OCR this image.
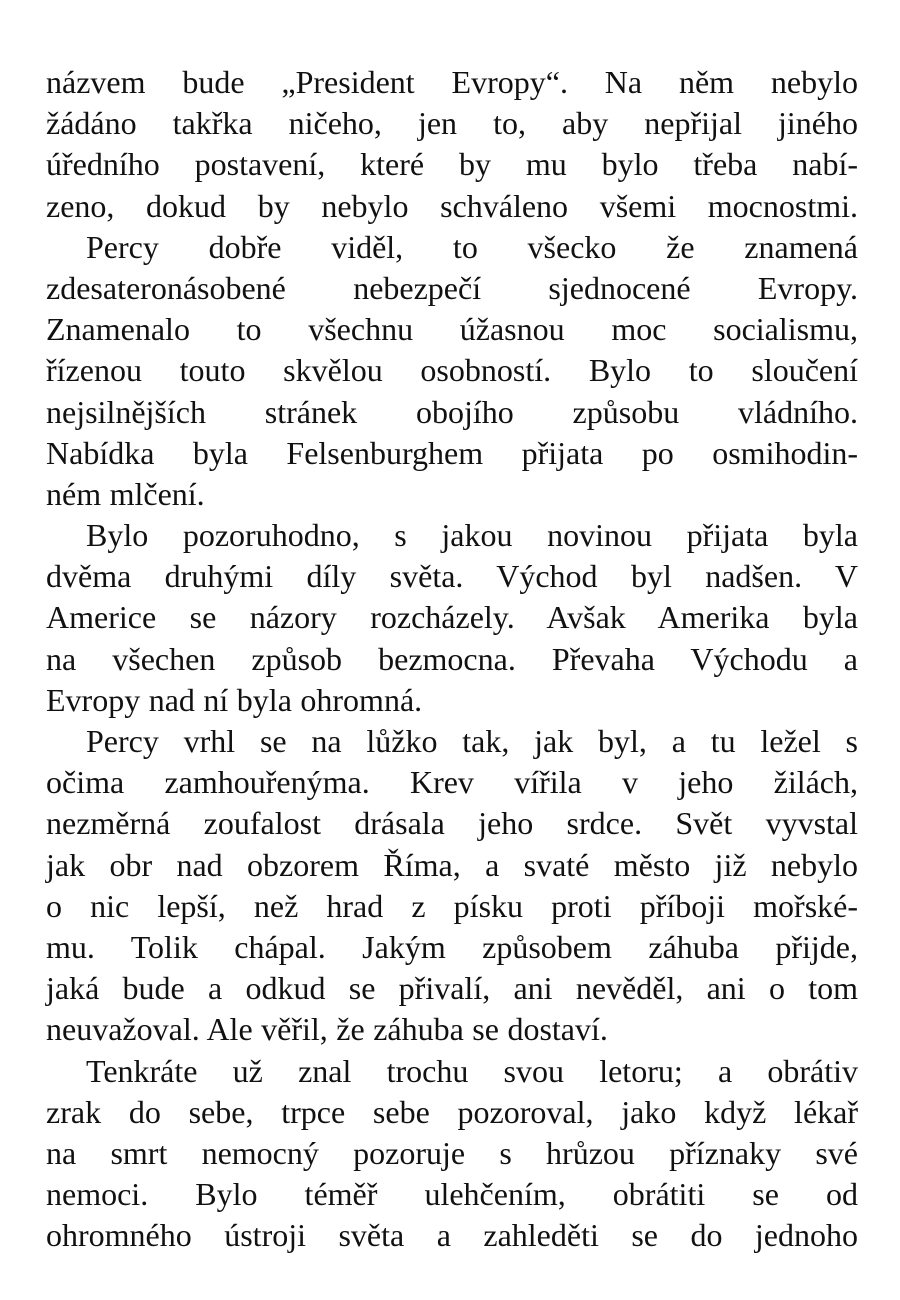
názvem bude „President Evropy“. Na něm nebylo
žádáno takřka ničeho, jen to, aby nepřijal jiného
úředního postavení, které by mu bylo třeba nabí-
zeno, dokud by nebylo schváleno všemi mocnostmi.
Percy dobře viděl, to všecko že znamená
zdesateronásobené nebezpečí sjednocené Evropy.
Znamenalo to všechnu úžasnou moc socialismu,
řízenou touto skvělou osobností. Bylo to sloučení
nejsilnějších stránek obojího způsobu vládního.
Nabídka byla Felsenburghem přijata po osmihodin-
ném mlčení.
Bylo pozoruhodno, s jakou novinou přijata byla
dvěma druhými díly světa. Východ byl nadšen. V
Americe se názory rozcházely. Avšak Amerika byla
na všechen způsob bezmocna. Převaha Východu a
Evropy nad ní byla ohromná.
Percy vrhl se na lůžko tak, jak byl, a tu ležel s
očima zamhouřenýma. Krev vířila v jeho žilách,
nezměrná zoufalost drásala jeho srdce. Svět vyvstal
jak obr nad obzorem Říma, a svaté město již nebylo
o nic lepší, než hrad z písku proti příboji mořské-
mu. Tolik chápal. Jakým způsobem záhuba přijde,
jaká bude a odkud se přivalí, ani nevěděl, ani o tom
neuvažoval. Ale věřil, že záhuba se dostaví.
Tenkráte už znal trochu svou letoru; a obrátiv
zrak do sebe, trpce sebe pozoroval, jako když lékař
na smrt nemocný pozoruje s hrůzou příznaky své
nemoci. Bylo téměř ulehčením, obrátiti se od
ohromného ústroji světa a zahleděti se do jednoho
